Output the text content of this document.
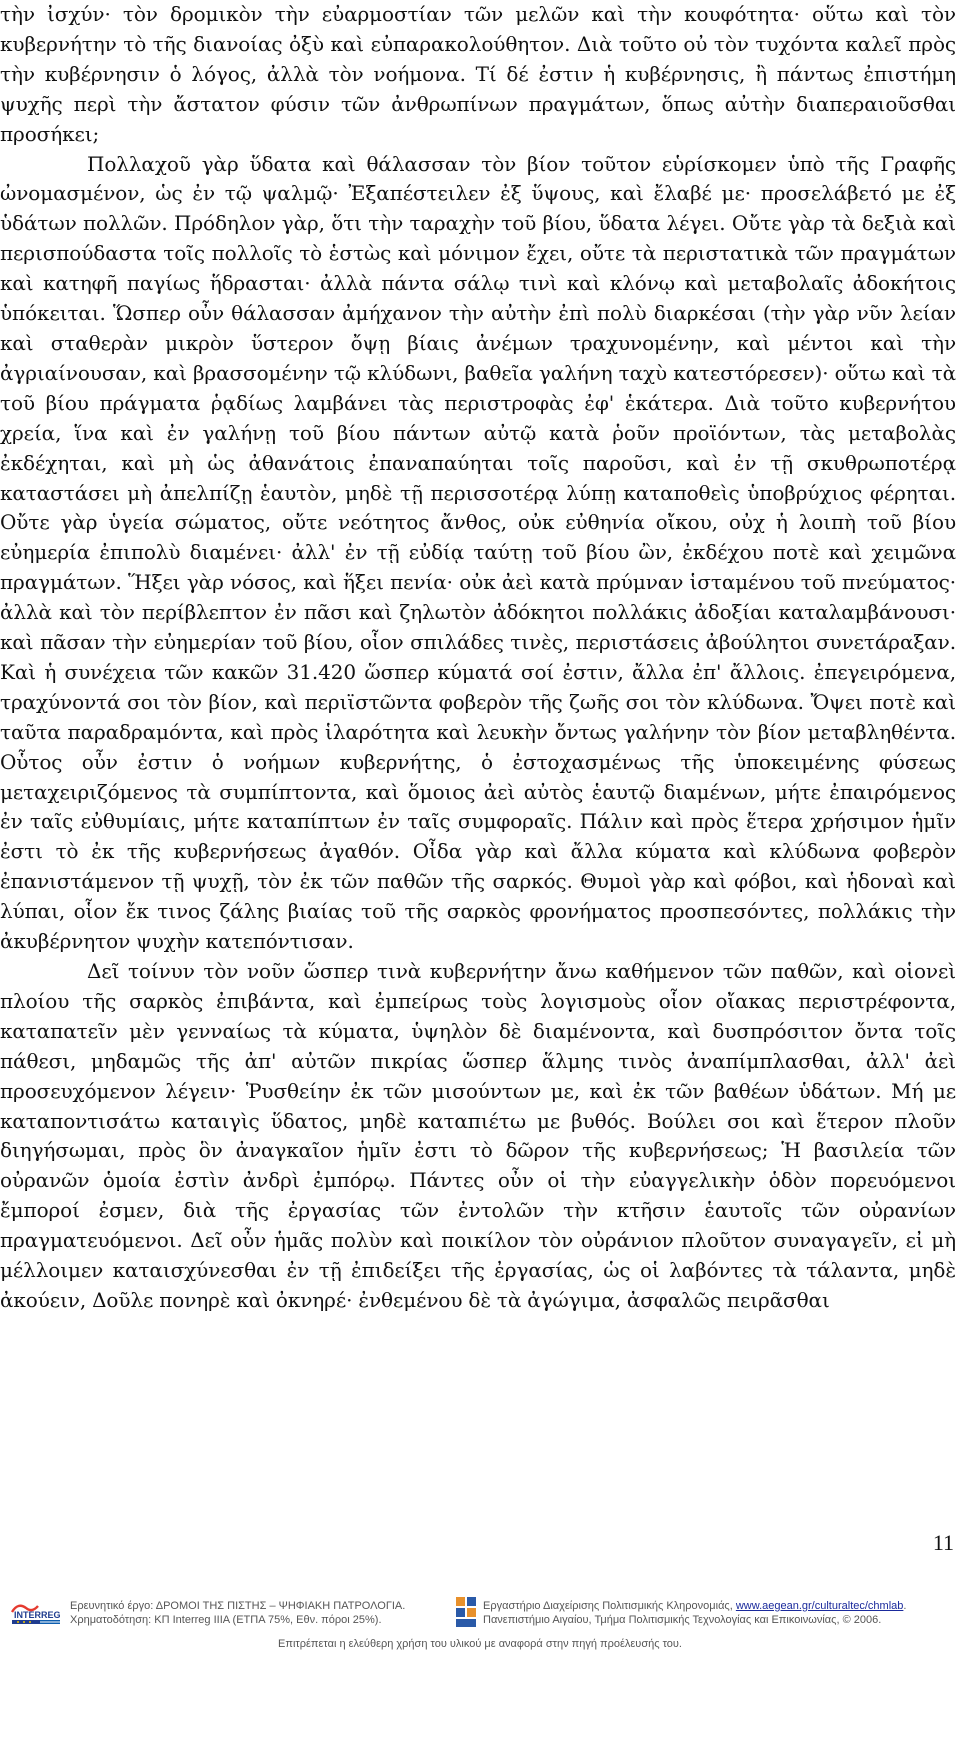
τὴν ἰσχύν· τὸν δρομικὸν τὴν εὐαρμοστίαν τῶν μελῶν καὶ τὴν κουφότητα· οὕτω καὶ τὸν κυβερνήτην τὸ τῆς διανοίας ὀξὺ καὶ εὐπαρακολούθητον. Διὰ τοῦτο οὐ τὸν τυχόντα καλεῖ πρὸς τὴν κυβέρνησιν ὁ λόγος, ἀλλὰ τὸν νοήμονα. Τί δέ ἐστιν ἡ κυβέρνησις, ἢ πάντως ἐπιστήμη ψυχῆς περὶ τὴν ἄστατον φύσιν τῶν ἀνθρωπίνων πραγμάτων, ὅπως αὐτὴν διαπεραιοῦσθαι προσήκει;

Πολλαχοῦ γὰρ ὕδατα καὶ θάλασσαν τὸν βίον τοῦτον εὑρίσκομεν ὑπὸ τῆς Γραφῆς ὠνομασμένον, ὡς ἐν τῷ ψαλμῷ· Ἐξαπέστειλεν ἐξ ὕψους, καὶ ἔλαβέ με· προσελάβετό με ἐξ ὑδάτων πολλῶν. Πρόδηλον γὰρ, ὅτι τὴν ταραχὴν τοῦ βίου, ὕδατα λέγει. Οὔτε γὰρ τὰ δεξιὰ καὶ περισπούδαστα τοῖς πολλοῖς τὸ ἑστὼς καὶ μόνιμον ἔχει, οὔτε τὰ περιστατικὰ τῶν πραγμάτων καὶ κατηφῆ παγίως ἥδρασται· ἀλλὰ πάντα σάλῳ τινὶ καὶ κλόνῳ καὶ μεταβολαῖς ἀδοκήτοις ὑπόκειται. Ὥσπερ οὖν θάλασσαν ἀμήχανον τὴν αὐτὴν ἐπὶ πολὺ διαρκέσαι (τὴν γὰρ νῦν λείαν καὶ σταθερὰν μικρὸν ὕστερον ὄψῃ βίαις ἀνέμων τραχυνομένην, καὶ μέντοι καὶ τὴν ἀγριαίνουσαν, καὶ βρασσομένην τῷ κλύδωνι, βαθεῖα γαλήνη ταχὺ κατεστόρεσεν)· οὕτω καὶ τὰ τοῦ βίου πράγματα ῥᾳδίως λαμβάνει τὰς περιστροφὰς ἐφ' ἑκάτερα. Διὰ τοῦτο κυβερνήτου χρεία, ἵνα καὶ ἐν γαλήνῃ τοῦ βίου πάντων αὐτῷ κατὰ ῥοῦν προϊόντων, τὰς μεταβολὰς ἐκδέχηται, καὶ μὴ ὡς ἀθανάτοις ἐπαναπαύηται τοῖς παροῦσι, καὶ ἐν τῇ σκυθρωποτέρᾳ καταστάσει μὴ ἀπελπίζῃ ἑαυτὸν, μηδὲ τῇ περισσοτέρᾳ λύπῃ καταποθεὶς ὑποβρύχιος φέρηται. Οὔτε γὰρ ὑγεία σώματος, οὔτε νεότητος ἄνθος, οὐκ εὐθηνία οἴκου, οὐχ ἡ λοιπὴ τοῦ βίου εὐημερία ἐπιπολὺ διαμένει· ἀλλ' ἐν τῇ εὐδίᾳ ταύτῃ τοῦ βίου ὢν, ἐκδέχου ποτὲ καὶ χειμῶνα πραγμάτων. Ἥξει γὰρ νόσος, καὶ ἥξει πενία· οὐκ ἀεὶ κατὰ πρύμναν ἱσταμένου τοῦ πνεύματος· ἀλλὰ καὶ τὸν περίβλεπτον ἐν πᾶσι καὶ ζηλωτὸν ἀδόκητοι πολλάκις ἀδοξίαι καταλαμβάνουσι· καὶ πᾶσαν τὴν εὐημερίαν τοῦ βίου, οἷον σπιλάδες τινὲς, περιστάσεις ἀβούλητοι συνετάραξαν. Καὶ ἡ συνέχεια τῶν κακῶν 31.420 ὥσπερ κύματά σοί ἐστιν, ἄλλα ἐπ' ἄλλοις. ἐπεγειρόμενα, τραχύνοντά σοι τὸν βίον, καὶ περιϊστῶντα φοβερὸν τῆς ζωῆς σοι τὸν κλύδωνα. Ὄψει ποτὲ καὶ ταῦτα παραδραμόντα, καὶ πρὸς ἱλαρότητα καὶ λευκὴν ὄντως γαλήνην τὸν βίον μεταβληθέντα. Οὗτος οὖν ἐστιν ὁ νοήμων κυβερνήτης, ὁ ἐστοχασμένως τῆς ὑποκειμένης φύσεως μεταχειριζόμενος τὰ συμπίπτοντα, καὶ ὅμοιος ἀεὶ αὐτὸς ἑαυτῷ διαμένων, μήτε ἐπαιρόμενος ἐν ταῖς εὐθυμίαις, μήτε καταπίπτων ἐν ταῖς συμφοραῖς. Πάλιν καὶ πρὸς ἕτερα χρήσιμον ἡμῖν ἐστι τὸ ἐκ τῆς κυβερνήσεως ἀγαθόν. Οἶδα γὰρ καὶ ἄλλα κύματα καὶ κλύδωνα φοβερὸν ἐπανιστάμενον τῇ ψυχῇ, τὸν ἐκ τῶν παθῶν τῆς σαρκός. Θυμοὶ γὰρ καὶ φόβοι, καὶ ἡδοναὶ καὶ λύπαι, οἷον ἔκ τινος ζάλης βιαίας τοῦ τῆς σαρκὸς φρονήματος προσπεσόντες, πολλάκις τὴν ἀκυβέρνητον ψυχὴν κατεπόντισαν.

Δεῖ τοίνυν τὸν νοῦν ὥσπερ τινὰ κυβερνήτην ἄνω καθήμενον τῶν παθῶν, καὶ οἱονεὶ πλοίου τῆς σαρκὸς ἐπιβάντα, καὶ ἐμπείρως τοὺς λογισμοὺς οἷον οἴακας περιστρέφοντα, καταπατεῖν μὲν γενναίως τὰ κύματα, ὑψηλὸν δὲ διαμένοντα, καὶ δυσπρόσιτον ὄντα τοῖς πάθεσι, μηδαμῶς τῆς ἀπ' αὐτῶν πικρίας ὥσπερ ἅλμης τινὸς ἀναπίμπλασθαι, ἀλλ' ἀεὶ προσευχόμενον λέγειν· Ῥυσθείην ἐκ τῶν μισούντων με, καὶ ἐκ τῶν βαθέων ὑδάτων. Μή με καταποντισάτω καταιγὶς ὕδατος, μηδὲ καταπιέτω με βυθός. Βούλει σοι καὶ ἕτερον πλοῦν διηγήσωμαι, πρὸς ὃν ἀναγκαῖον ἡμῖν ἐστι τὸ δῶρον τῆς κυβερνήσεως; Ἡ βασιλεία τῶν οὐρανῶν ὁμοία ἐστὶν ἀνδρὶ ἐμπόρῳ. Πάντες οὖν οἱ τὴν εὐαγγελικὴν ὁδὸν πορευόμενοι ἔμποροί ἐσμεν, διὰ τῆς ἐργασίας τῶν ἐντολῶν τὴν κτῆσιν ἑαυτοῖς τῶν οὐρανίων πραγματευόμενοι. Δεῖ οὖν ἡμᾶς πολὺν καὶ ποικίλον τὸν οὐράνιον πλοῦτον συναγαγεῖν, εἰ μὴ μέλλοιμεν καταισχύνεσθαι ἐν τῇ ἐπιδείξει τῆς ἐργασίας, ὡς οἱ λαβόντες τὰ τάλαντα, μηδὲ ἀκούειν, Δοῦλε πονηρὲ καὶ ὀκνηρέ· ἐνθεμένου δὲ τὰ ἀγώγιμα, ἀσφαλῶς πειρᾶσθαι

11
INTERREG
Ερευνητικό έργο: ΔΡΟΜΟΙ ΤΗΣ ΠΙΣΤΗΣ – ΨΗΦΙΑΚΗ ΠΑΤΡΟΛΟΓΙΑ.
Χρηματοδότηση: ΚΠ Interreg IIIA (ΕΤΠΑ 75%, Εθν. πόροι 25%).
Εργαστήριο Διαχείρισης Πολιτισμικής Κληρονομιάς, www.aegean.gr/culturaltec/chmlab.
Πανεπιστήμιο Αιγαίου, Τμήμα Πολιτισμικής Τεχνολογίας και Επικοινωνίας, © 2006.
Επιτρέπεται η ελεύθερη χρήση του υλικού με αναφορά στην πηγή προέλευσής του.
